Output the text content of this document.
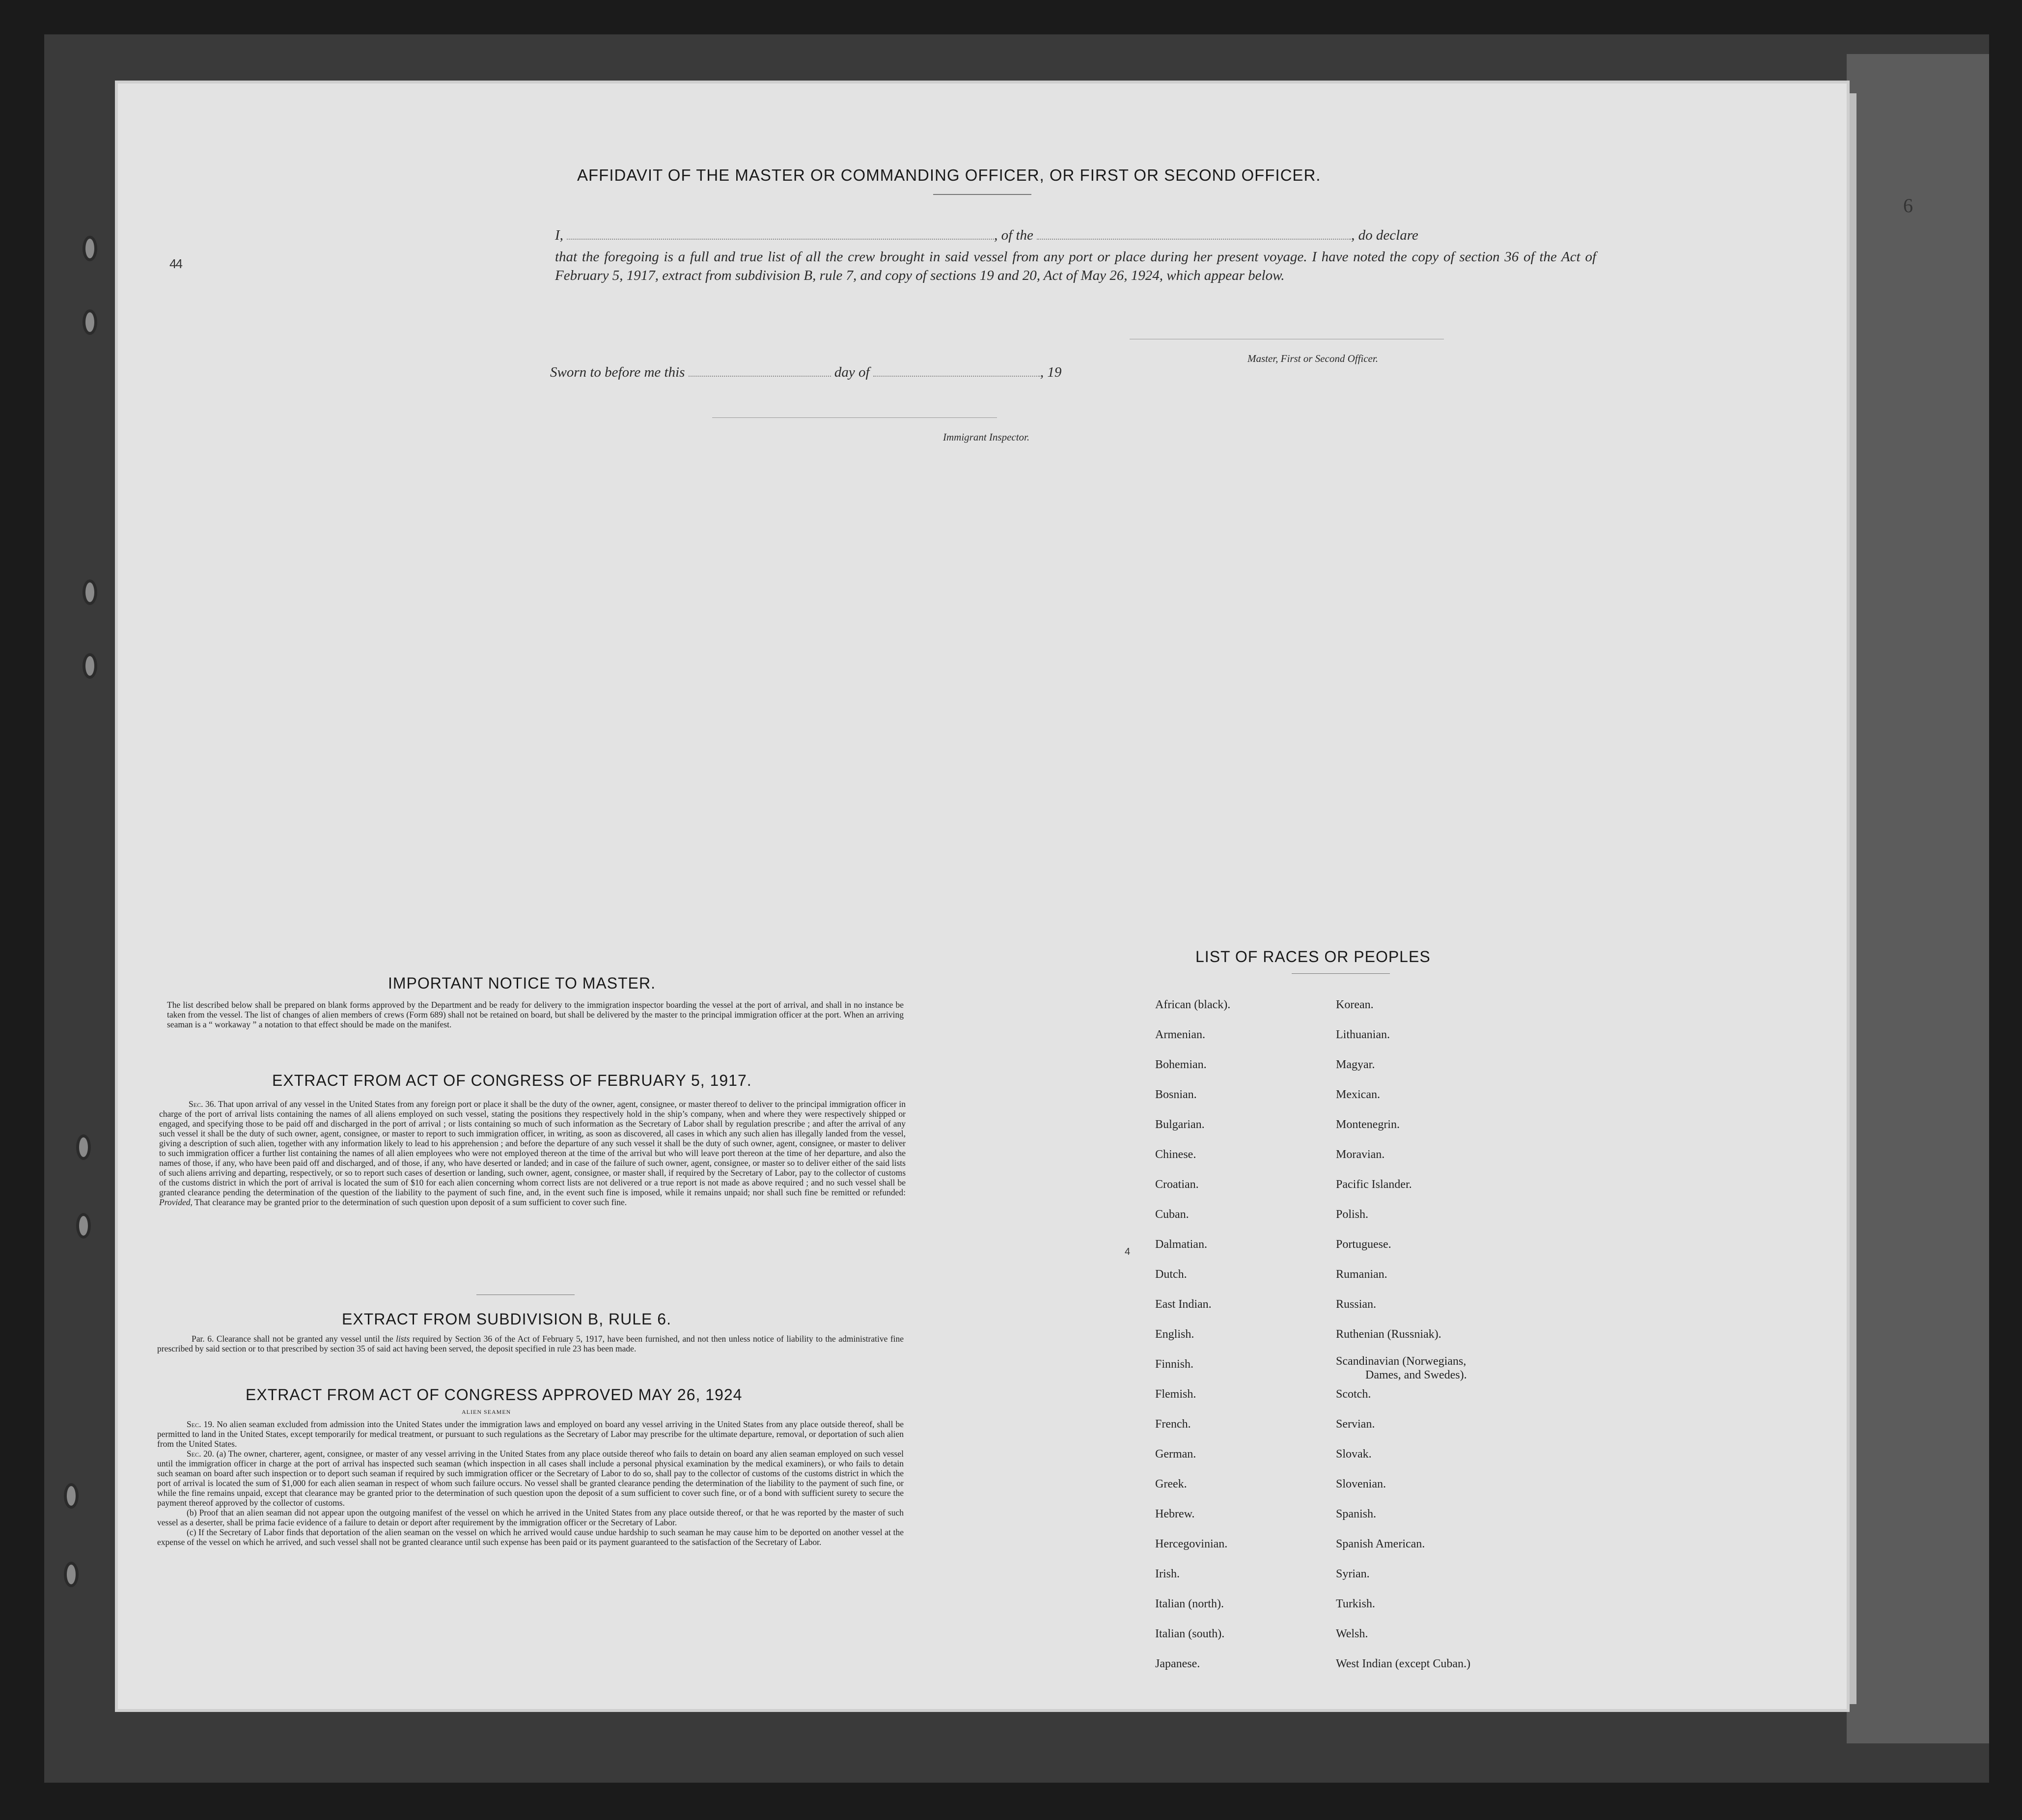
AFFIDAVIT OF THE MASTER OR COMMANDING OFFICER, OR FIRST OR SECOND OFFICER.
I,	, of the	, do declare
that the foregoing is a full and true list of all the crew brought in said vessel from any port or place during her present voyage. I have noted the copy of section 36 of the Act of February 5, 1917, extract from subdivision B, rule 7, and copy of sections 19 and 20, Act of May 26, 1924, which appear below.
Master, First or Second Officer.
Sworn to before me this	day of	, 19
Immigrant Inspector.
IMPORTANT NOTICE TO MASTER.

The list described below shall be prepared on blank forms approved by the Department and be ready for delivery to the immigration inspector boarding the vessel at the port of arrival, and shall in no instance be taken from the vessel. The list of changes of alien members of crews (Form 689) shall not be retained on board, but shall be delivered by the master to the principal immigration officer at the port. When an arriving seaman is a “ workaway ” a notation to that effect should be made on the manifest.

EXTRACT FROM ACT OF CONGRESS OF FEBRUARY 5, 1917.

Sec. 36. That upon arrival of any vessel in the United States from any foreign port or place it shall be the duty of the owner, agent, consignee, or master thereof to deliver to the principal immigration officer in charge of the port of arrival lists containing the names of all aliens employed on such vessel, stating the positions they respectively hold in the ship’s company, when and where they were respectively shipped or engaged, and specifying those to be paid off and discharged in the port of arrival ; or lists containing so much of such information as the Secretary of Labor shall by regulation prescribe ; and after the arrival of any such vessel it shall be the duty of such owner, agent, consignee, or master to report to such immigration officer, in writing, as soon as discovered, all cases in which any such alien has illegally landed from the vessel, giving a description of such alien, together with any information likely to lead to his apprehension ; and before the departure of any such vessel it shall be the duty of such owner, agent, consignee, or master to deliver to such immigration officer a further list containing the names of all alien employees who were not employed thereon at the time of the arrival but who will leave port thereon at the time of her departure, and also the names of those, if any, who have been paid off and discharged, and of those, if any, who have deserted or landed; and in case of the failure of such owner, agent, consignee, or master so to deliver either of the said lists of such aliens arriving and departing, respectively, or so to report such cases of desertion or landing, such owner, agent, consignee, or master shall, if required by the Secretary of Labor, pay to the collector of customs of the customs district in which the port of arrival is located the sum of $10 for each alien concerning whom correct lists are not delivered or a true report is not made as above required ; and no such vessel shall be granted clearance pending the determination of the question of the liability to the payment of such fine, and, in the event such fine is imposed, while it remains unpaid; nor shall such fine be remitted or refunded: Provided, That clearance may be granted prior to the determination of such question upon deposit of a sum sufficient to cover such fine.

EXTRACT FROM SUBDIVISION B, RULE 6.

Par. 6. Clearance shall not be granted any vessel until the lists required by Section 36 of the Act of February 5, 1917, have been furnished, and not then unless notice of liability to the administrative fine prescribed by said section or to that prescribed by section 35 of said act having been served, the deposit specified in rule 23 has been made.

EXTRACT FROM ACT OF CONGRESS APPROVED MAY 26, 1924
ALIEN SEAMEN

Sec. 19. No alien seaman excluded from admission into the United States under the immigration laws and employed on board any vessel arriving in the United States from any place outside thereof, shall be permitted to land in the United States, except temporarily for medical treatment, or pursuant to such regulations as the Secretary of Labor may prescribe for the ultimate departure, removal, or deportation of such alien from the United States.

Sec. 20. (a) The owner, charterer, agent, consignee, or master of any vessel arriving in the United States from any place outside thereof who fails to detain on board any alien seaman employed on such vessel until the immigration officer in charge at the port of arrival has inspected such seaman (which inspection in all cases shall include a personal physical examination by the medical examiners), or who fails to detain such seaman on board after such inspection or to deport such seaman if required by such immigration officer or the Secretary of Labor to do so, shall pay to the collector of customs of the customs district in which the port of arrival is located the sum of $1,000 for each alien seaman in respect of whom such failure occurs. No vessel shall be granted clearance pending the determination of the liability to the payment of such fine, or while the fine remains unpaid, except that clearance may be granted prior to the determination of such question upon the deposit of a sum sufficient to cover such fine, or of a bond with sufficient surety to secure the payment thereof approved by the collector of customs.

(b) Proof that an alien seaman did not appear upon the outgoing manifest of the vessel on which he arrived in the United States from any place outside thereof, or that he was reported by the master of such vessel as a deserter, shall be prima facie evidence of a failure to detain or deport after requirement by the immigration officer or the Secretary of Labor.

(c) If the Secretary of Labor finds that deportation of the alien seaman on the vessel on which he arrived would cause undue hardship to such seaman he may cause him to be deported on another vessel at the expense of the vessel on which he arrived, and such vessel shall not be granted clearance until such expense has been paid or its payment guaranteed to the satisfaction of the Secretary of Labor.

LIST OF RACES OR PEOPLES
African (black).
Armenian.
Bohemian.
Bosnian.
Bulgarian.
Chinese.
Croatian.
Cuban.
Dalmatian.
Dutch.
East Indian.
English.
Finnish.
Flemish.
French.
German.
Greek.
Hebrew.
Hercegovinian.
Irish.
Italian (north).
Italian (south).
Japanese.
Korean.
Lithuanian.
Magyar.
Mexican.
Montenegrin.
Moravian.
Pacific Islander.
Polish.
Portuguese.
Rumanian.
Russian.
Ruthenian (Russniak).
Scandinavian (Norwegians,
Dames, and Swedes).
Scotch.
Servian.
Slovak.
Slovenian.
Spanish.
Spanish American.
Syrian.
Turkish.
Welsh.
West Indian (except Cuban.)
4
44
6
